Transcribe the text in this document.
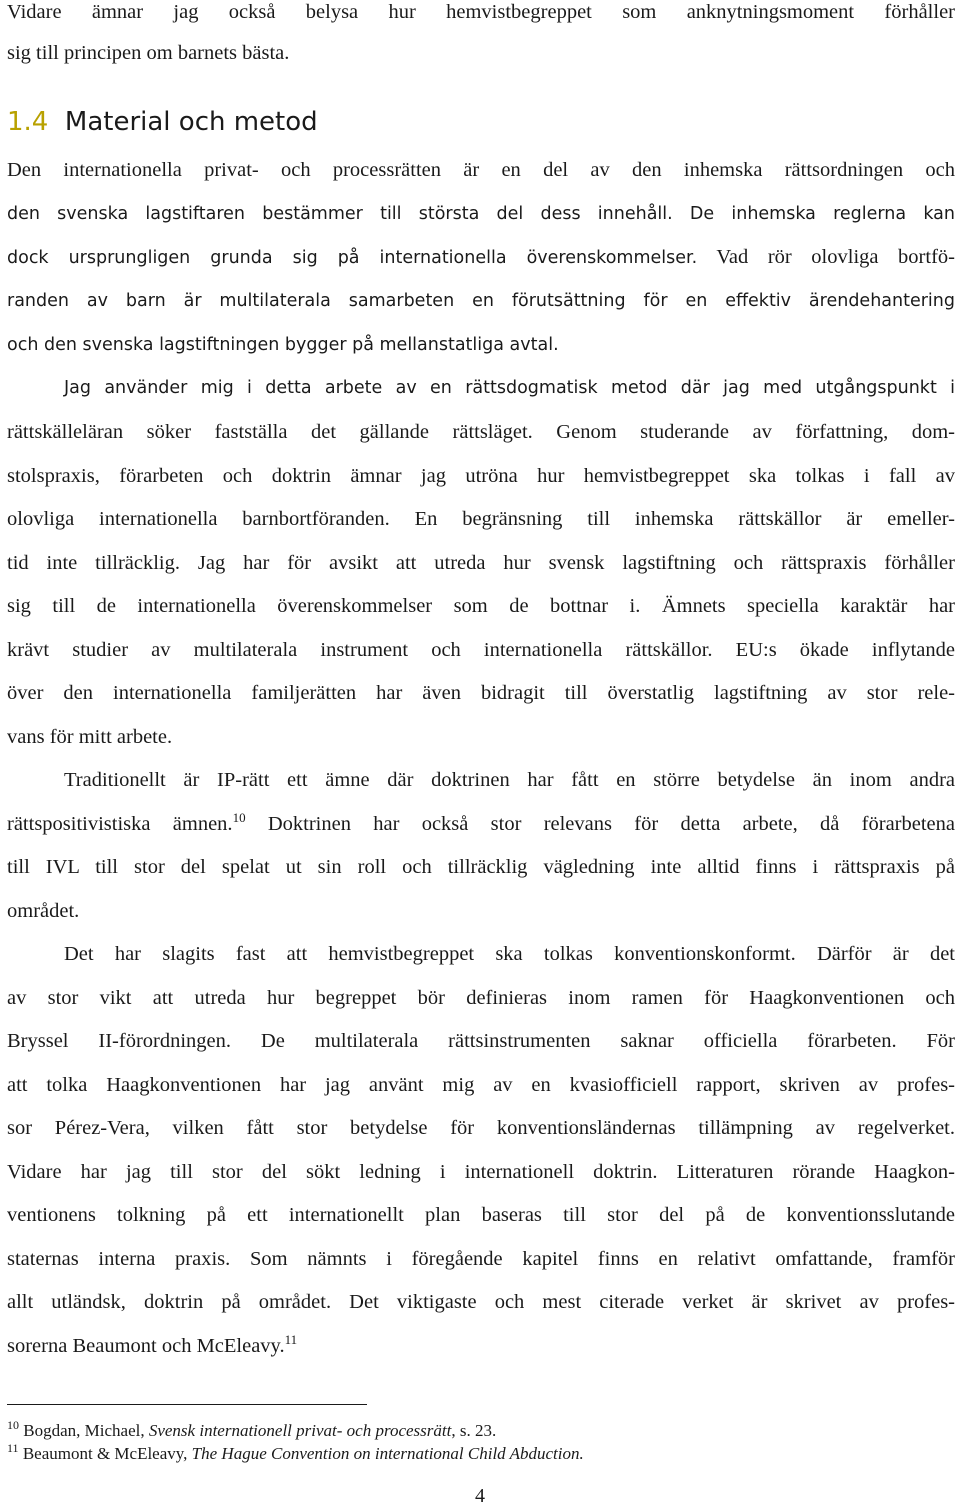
Vidare ämnar jag också belysa hur hemvistbegreppet som anknytningsmoment förhåller
sig till principen om barnets bästa.
1.4 Material och metod
Den internationella privat- och processrätten är en del av den inhemska rättsordningen och
den svenska lagstiftaren bestämmer till största del dess innehåll. De inhemska reglerna kan
dock ursprungligen grunda sig på internationella överenskommelser. Vad rör olovliga bortfö-
randen av barn är multilaterala samarbeten en förutsättning för en effektiv ärendehantering
och den svenska lagstiftningen bygger på mellanstatliga avtal.
Jag använder mig i detta arbete av en rättsdogmatisk metod där jag med utgångspunkt i
rättskälleläran söker fastställa det gällande rättsläget. Genom studerande av författning, dom-
stolspraxis, förarbeten och doktrin ämnar jag utröna hur hemvistbegreppet ska tolkas i fall av
olovliga internationella barnbortföranden. En begränsning till inhemska rättskällor är emeller-
tid inte tillräcklig. Jag har för avsikt att utreda hur svensk lagstiftning och rättspraxis förhåller
sig till de internationella överenskommelser som de bottnar i. Ämnets speciella karaktär har
krävt studier av multilaterala instrument och internationella rättskällor. EU:s ökade inflytande
över den internationella familjerätten har även bidragit till överstatlig lagstiftning av stor rele-
vans för mitt arbete.
Traditionellt är IP-rätt ett ämne där doktrinen har fått en större betydelse än inom andra
rättspositivistiska ämnen.$^{10}$ Doktrinen har också stor relevans för detta arbete, då förarbetena
till IVL till stor del spelat ut sin roll och tillräcklig vägledning inte alltid finns i rättspraxis på
området.
Det har slagits fast att hemvistbegreppet ska tolkas konventionskonformt. Därför är det
av stor vikt att utreda hur begreppet bör definieras inom ramen för Haagkonventionen och
Bryssel II-förordningen. De multilaterala rättsinstrumenten saknar officiella förarbeten. För
att tolka Haagkonventionen har jag använt mig av en kvasiofficiell rapport, skriven av profes-
sor Pérez-Vera, vilken fått stor betydelse för konventionsländernas tillämpning av regelverket.
Vidare har jag till stor del sökt ledning i internationell doktrin. Litteraturen rörande Haagkon-
ventionens tolkning på ett internationellt plan baseras till stor del på de konventionsslutande
staternas interna praxis. Som nämnts i föregående kapitel finns en relativt omfattande, framför
allt utländsk, doktrin på området. Det viktigaste och mest citerade verket är skrivet av profes-
sorerna Beaumont och McEleavy.$^{11}$
$^{10}$ Bogdan, Michael, Svensk internationell privat- och processrätt, s. 23.
$^{11}$ Beaumont & McEleavy, The Hague Convention on international Child Abduction.
4
